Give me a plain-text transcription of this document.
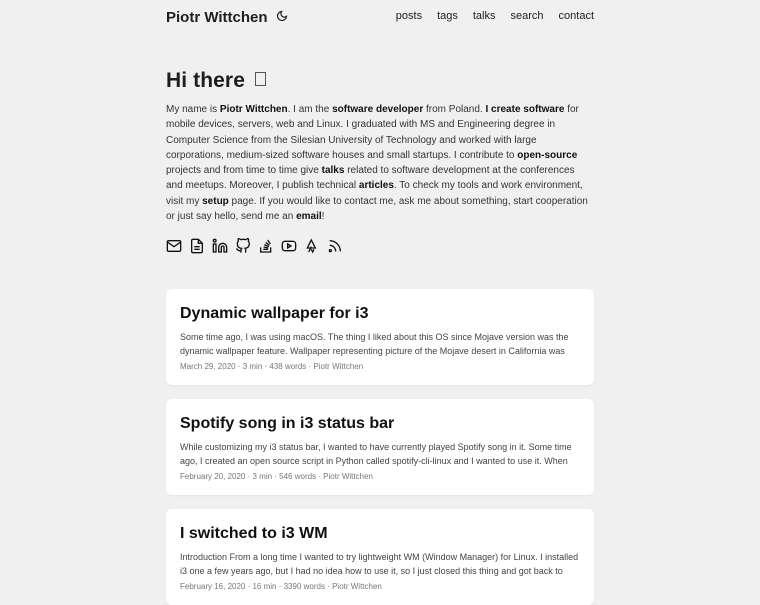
Piotr Wittchen	posts tags talks search contact
Hi there

My name is Piotr Wittchen. I am the software developer from Poland. I create software for mobile devices, servers, web and Linux. I graduated with MS and Engineering degree in Computer Science from the Silesian University of Technology and worked with large corporations, medium-sized software houses and small startups. I contribute to open-source projects and from time to time give talks related to software development at the conferences and meetups. Moreover, I publish technical articles. To check my tools and work environment, visit my setup page. If you would like to contact me, ask me about something, start cooperation or just say hello, send me an email!

Dynamic wallpaper for i3

Some time ago, I was using macOS. The thing I liked about this OS since Mojave version was the dynamic wallpaper feature. Wallpaper representing picture of the Mojave desert in California was

March 29, 2020 · 3 min · 438 words · Piotr Wittchen
Spotify song in i3 status bar

While customizing my i3 status bar, I wanted to have currently played Spotify song in it. Some time ago, I created an open source script in Python called spotify-cli-linux and I wanted to use it. When

February 20, 2020 · 3 min · 546 words · Piotr Wittchen
I switched to i3 WM

Introduction From a long time I wanted to try lightweight WM (Window Manager) for Linux. I installed i3 one a few years ago, but I had no idea how to use it, so I just closed this thing and got back to

February 16, 2020 · 16 min · 3390 words · Piotr Wittchen
